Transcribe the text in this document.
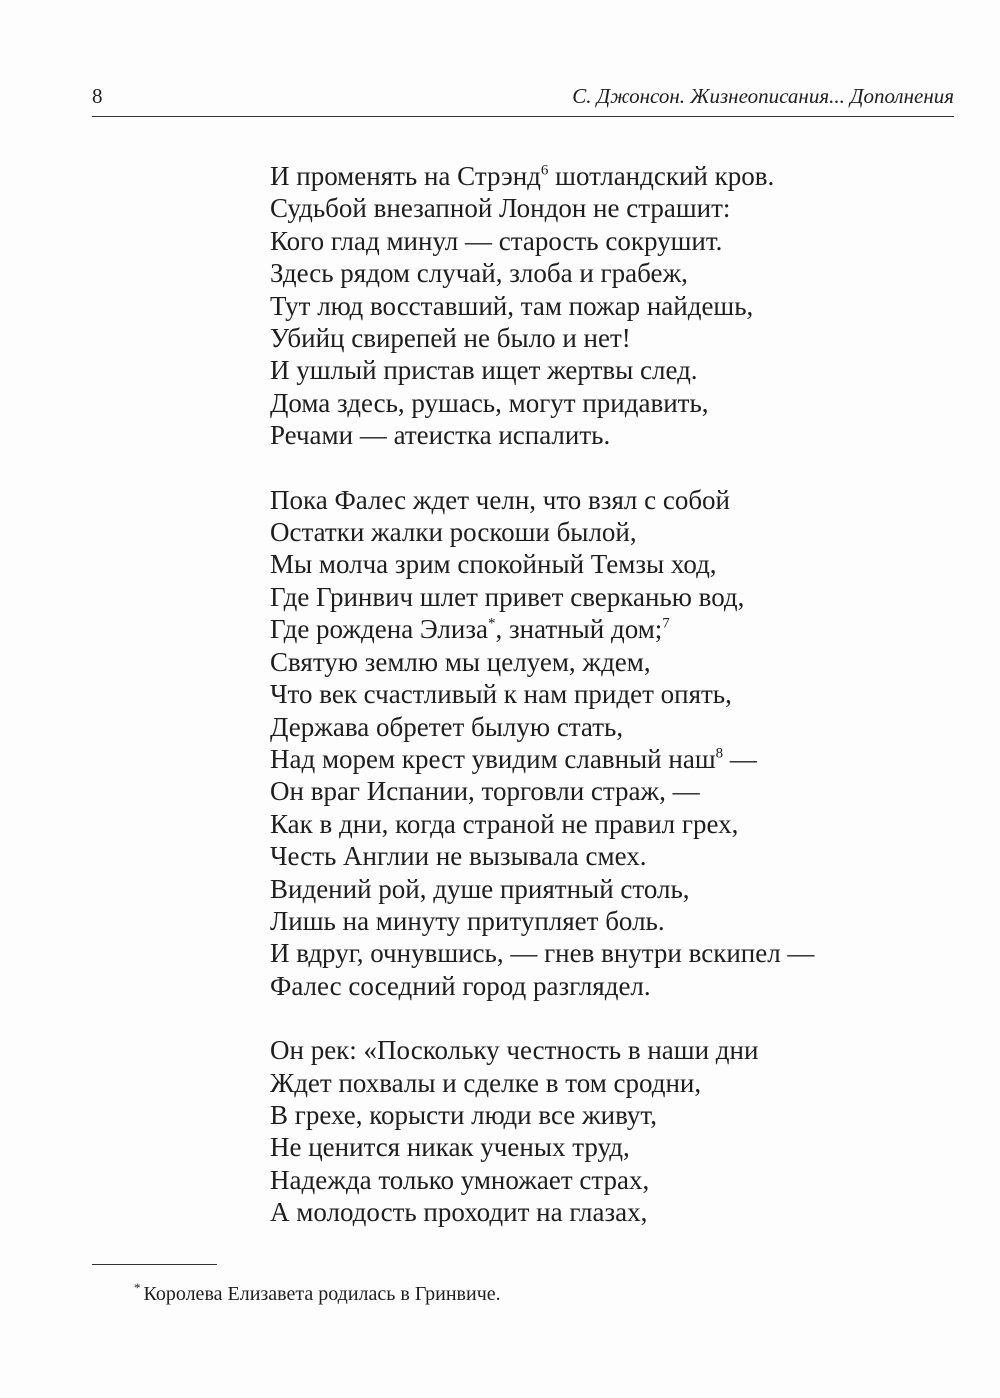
8	С. Джонсон. Жизнеописания... Дополнения
И променять на Стрэнд$^6$ шотландский кров.
Судьбой внезапной Лондон не страшит:
Кого глад минул — старость сокрушит.
Здесь рядом случай, злоба и грабеж,
Тут люд восставший, там пожар найдешь,
Убийц свирепей не было и нет!
И ушлый пристав ищет жертвы след.
Дома здесь, рушась, могут придавить,
Речами — атеистка испалить.
Пока Фалес ждет челн, что взял с собой
Остатки жалки роскоши былой,
Мы молча зрим спокойный Темзы ход,
Где Гринвич шлет привет сверканью вод,
Где рождена Элиза*, знатный дом;$^7$
Святую землю мы целуем, ждем,
Что век счастливый к нам придет опять,
Держава обретет былую стать,
Над морем крест увидим славный наш$^8$ —
Он враг Испании, торговли страж, —
Как в дни, когда страной не правил грех,
Честь Англии не вызывала смех.
Видений рой, душе приятный столь,
Лишь на минуту притупляет боль.
И вдруг, очнувшись, — гнев внутри вскипел —
Фалес соседний город разглядел.
Он рек: «Поскольку честность в наши дни
Ждет похвалы и сделке в том сродни,
В грехе, корысти люди все живут,
Не ценится никак ученых труд,
Надежда только умножает страх,
А молодость проходит на глазах,
* Королева Елизавета родилась в Гринвиче.
